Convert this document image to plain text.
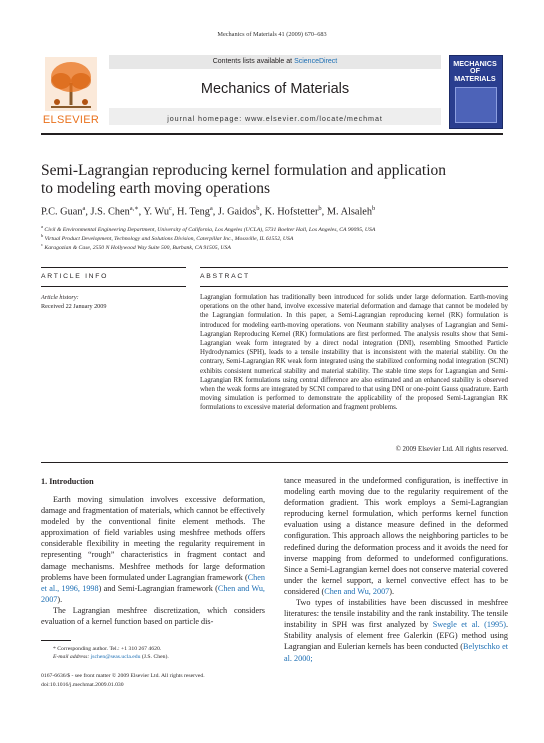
Mechanics of Materials 41 (2009) 670–683
ELSEVIER
Contents lists available at ScienceDirect
Mechanics of Materials
journal homepage: www.elsevier.com/locate/mechmat
MECHANICS OF MATERIALS
Semi-Lagrangian reproducing kernel formulation and application
to modeling earth moving operations
P.C. Guan$^a$, J.S. Chen$^{a,∗}$, Y. Wu$^c$, H. Teng$^a$, J. Gaidos$^b$, K. Hofstetter$^b$, M. Alsaleh$^b$
$^a$ Civil & Environmental Engineering Department, University of California, Los Angeles (UCLA), 5731 Boelter Hall, Los Angeles, CA 90095, USA
$^b$ Virtual Product Development, Technology and Solutions Division, Caterpillar Inc., Mossville, IL 61552, USA
$^c$ Karagozian & Case, 2550 N Hollywood Way Suite 500, Burbank, CA 91505, USA
ARTICLE INFO	ABSTRACT
Article history:
Received 22 January 2009
Lagrangian formulation has traditionally been introduced for solids under large deformation. Earth-moving operations on the other hand, involve excessive material deformation and damage that cannot be modeled by the Lagrangian formulation. In this paper, a Semi-Lagrangian reproducing kernel (RK) formulation is introduced for modeling earth-moving operations. von Neumann stability analyses of Lagrangian and Semi-Lagrangian Reproducing Kernel (RK) formulations are first performed. The analysis results show that Semi-Lagrangian weak form integrated by a direct nodal integration (DNI), resembling Smoothed Particle Hydrodynamics (SPH), leads to a tensile instability that is inconsistent with the material stability. On the contrary, Semi-Lagrangian RK weak form integrated using the stabilized conforming nodal integration (SCNI) exhibits consistent numerical stability and material stability. The stable time steps for Lagrangian and Semi-Lagrangian RK formulations using central difference are also estimated and an enhanced stability is observed when the weak forms are integrated by SCNI compared to that using DNI or one-point Gauss quadrature. Earth moving simulation is performed to demonstrate the applicability of the proposed Semi-Lagrangian RK formulations to excessive material deformation and fragment problems.
© 2009 Elsevier Ltd. All rights reserved.
1. Introduction

Earth moving simulation involves excessive deformation, damage and fragmentation of materials, which cannot be effectively modeled by the conventional finite element methods. The approximation of field variables using meshfree methods offers considerable flexibility in meeting the regularity requirement in representing “rough” characteristics in fragment contact and damage mechanisms. Meshfree methods for large deformation problems have been formulated under Lagrangian framework (Chen et al., 1996, 1998) and Semi-Lagrangian framework (Chen and Wu, 2007).

The Lagrangian meshfree discretization, which considers evaluation of a kernel function based on particle dis-

tance measured in the undeformed configuration, is ineffective in modeling earth moving due to the regularity requirement of the deformation gradient. This work employs a Semi-Lagrangian reproducing kernel formulation, which performs kernel function evaluation using a distance measure defined in the deformed configuration. This approach allows the neighboring particles to be redefined during the deformation process and it avoids the need for inverse mapping from deformed to undeformed configurations. Since a Semi-Lagrangian kernel does not conserve material covered under the kernel support, a kernel convective effect has to be considered (Chen and Wu, 2007).

Two types of instabilities have been discussed in meshfree literatures: the tensile instability and the rank instability. The tensile instability in SPH was first analyzed by Swegle et al. (1995). Stability analysis of element free Galerkin (EFG) method using Lagrangian and Eulerian kernels has been conducted (Belytschko et al. 2000;

* Corresponding author. Tel.: +1 310 267 4620.
E-mail address: jschen@seas.ucla.edu (J.S. Chen).
0167-6636/$ - see front matter © 2009 Elsevier Ltd. All rights reserved.
doi:10.1016/j.mechmat.2009.01.030
